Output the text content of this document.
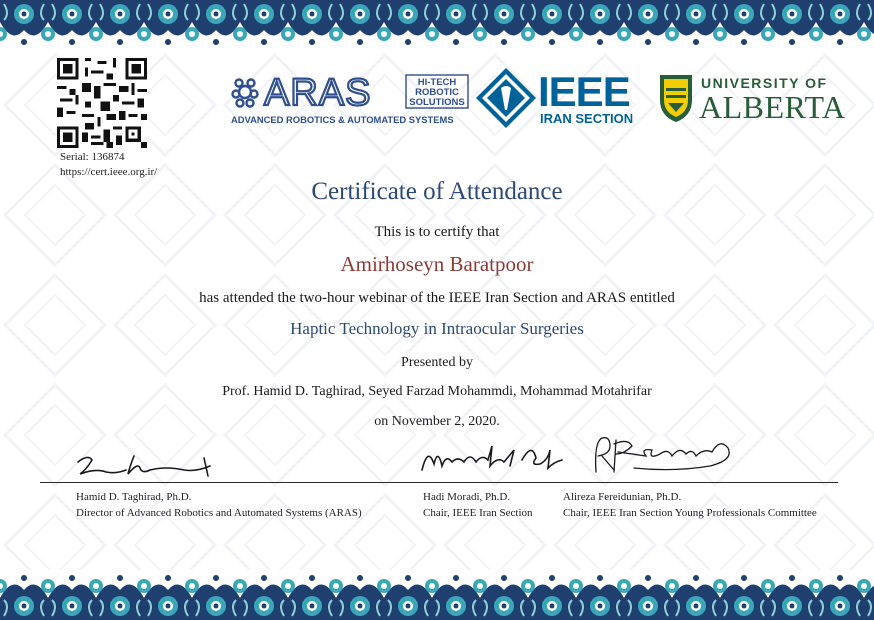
Serial: 136874
https://cert.ieee.org.ir/
ARAS	HI-TECH
ROBOTIC
SOLUTIONS
ADVANCED ROBOTICS & AUTOMATED SYSTEMS
IEEE
IRAN SECTION
UNIVERSITY OF
ALBERTA
Certificate of Attendance
This is to certify that
Amirhoseyn Baratpoor
has attended the two-hour webinar of the IEEE Iran Section and ARAS entitled
Haptic Technology in Intraocular Surgeries
Presented by
Prof. Hamid D. Taghirad, Seyed Farzad Mohammdi, Mohammad Motahrifar
on November 2, 2020.
Hamid D. Taghirad, Ph.D.
Director of Advanced Robotics and Automated Systems (ARAS)
Hadi Moradi, Ph.D.
Chair, IEEE Iran Section
Alireza Fereidunian, Ph.D.
Chair, IEEE Iran Section Young Professionals Committee
